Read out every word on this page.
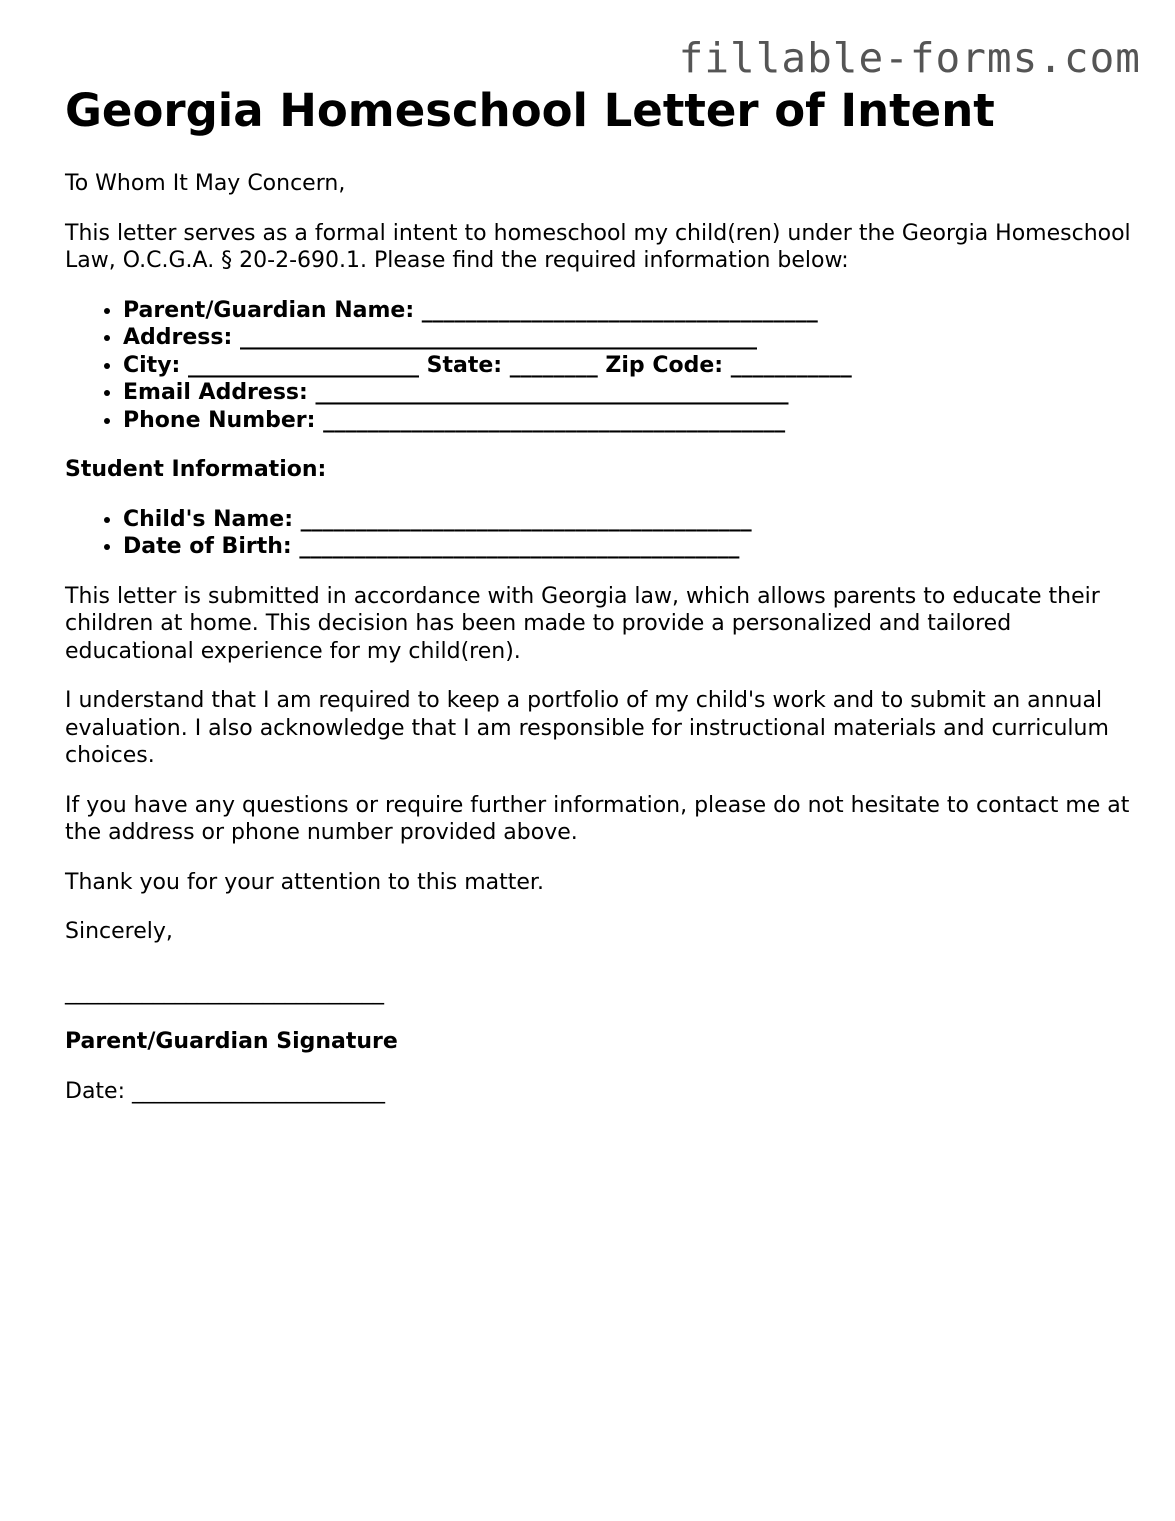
fillable-forms.com
Georgia Homeschool Letter of Intent

To Whom It May Concern,

This letter serves as a formal intent to homeschool my child(ren) under the Georgia Homeschool Law, O.C.G.A. § 20-2-690.1. Please find the required information below:

• Parent/Guardian Name: ____________________________________
• Address: _______________________________________________
• City: _____________________ State: ________ Zip Code: ___________
• Email Address: ___________________________________________
• Phone Number: __________________________________________

Student Information:

• Child's Name: _________________________________________
• Date of Birth: ________________________________________

This letter is submitted in accordance with Georgia law, which allows parents to educate their children at home. This decision has been made to provide a personalized and tailored educational experience for my child(ren).

I understand that I am required to keep a portfolio of my child's work and to submit an annual evaluation. I also acknowledge that I am responsible for instructional materials and curriculum choices.

If you have any questions or require further information, please do not hesitate to contact me at the address or phone number provided above.

Thank you for your attention to this matter.

Sincerely,

_____________________________

Parent/Guardian Signature

Date: _______________________
